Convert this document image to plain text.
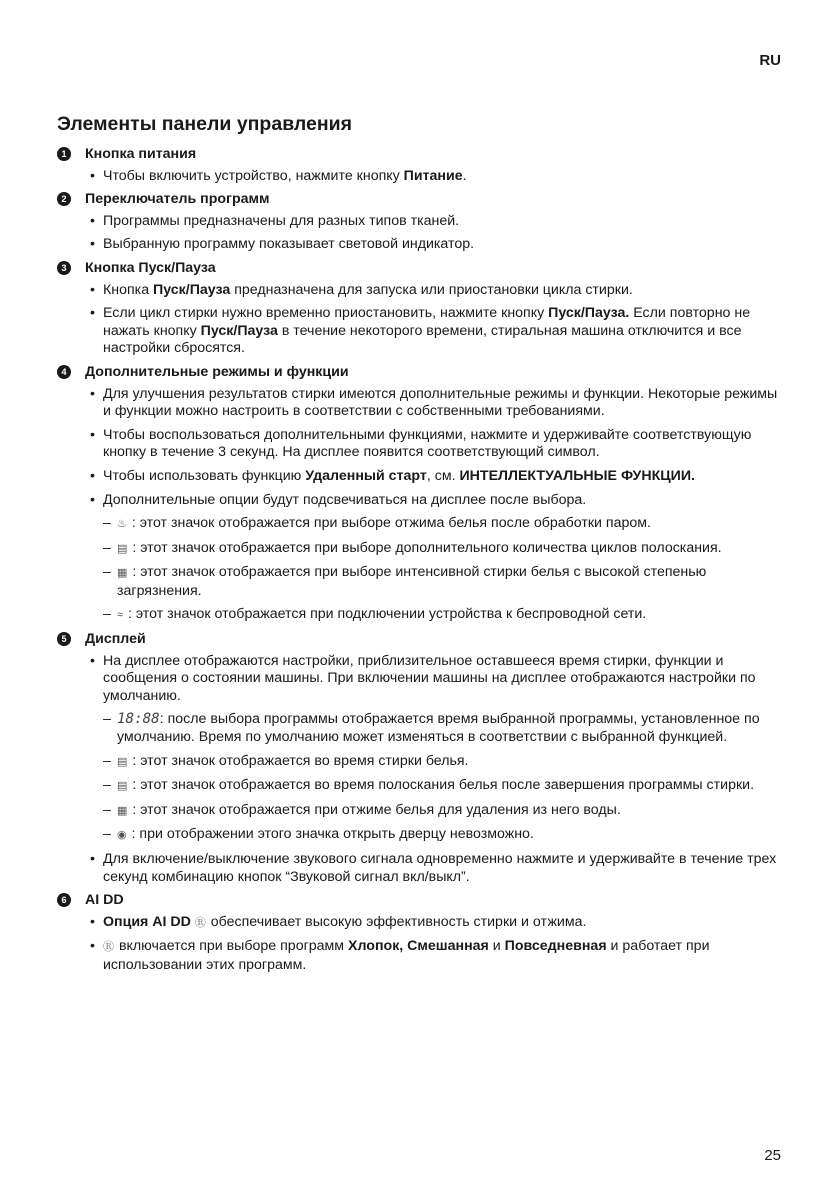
RU
Элементы панели управления
1	Кнопка питания
• Чтобы включить устройство, нажмите кнопку Питание.
2	Переключатель программ
• Программы предназначены для разных типов тканей.
• Выбранную программу показывает световой индикатор.
3	Кнопка Пуск/Пауза
• Кнопка Пуск/Пауза предназначена для запуска или приостановки цикла стирки.
• Если цикл стирки нужно временно приостановить, нажмите кнопку Пуск/Пауза. Если повторно не нажать кнопку Пуск/Пауза в течение некоторого времени, стиральная машина отключится и все настройки сбросятся.
4	Дополнительные режимы и функции
• Для улучшения результатов стирки имеются дополнительные режимы и функции. Некоторые режимы и функции можно настроить в соответствии с собственными требованиями.
• Чтобы воспользоваться дополнительными функциями, нажмите и удерживайте соответствующую кнопку в течение 3 секунд. На дисплее появится соответствующий символ.
• Чтобы использовать функцию Удаленный старт, см. ИНТЕЛЛЕКТУАЛЬНЫЕ ФУНКЦИИ.
• Дополнительные опции будут подсвечиваться на дисплее после выбора.
– ♨ : этот значок отображается при выборе отжима белья после обработки паром.
– ▤ : этот значок отображается при выборе дополнительного количества циклов полоскания.
– ▦ : этот значок отображается при выборе интенсивной стирки белья с высокой степенью загрязнения.
– ≈ : этот значок отображается при подключении устройства к беспроводной сети.
5	Дисплей
• На дисплее отображаются настройки, приблизительное оставшееся время стирки, функции и сообщения о состоянии машины. При включении машины на дисплее отображаются настройки по умолчанию.
– 18:88: после выбора программы отображается время выбранной программы, установленное по умолчанию. Время по умолчанию может изменяться в соответствии с выбранной функцией.
– ▤ : этот значок отображается во время стирки белья.
– ▤ : этот значок отображается во время полоскания белья после завершения программы стирки.
– ▦ : этот значок отображается при отжиме белья для удаления из него воды.
– ◉ : при отображении этого значка открыть дверцу невозможно.
• Для включение/выключение звукового сигнала одновременно нажмите и удерживайте в течение трех секунд комбинацию кнопок “Звуковой сигнал вкл/выкл”.
6	AI DD
• Опция AI DD Ⓡ обеспечивает высокую эффективность стирки и отжима.
• Ⓡ включается при выборе программ Хлопок, Смешанная и Повседневная и работает при использовании этих программ.
25
